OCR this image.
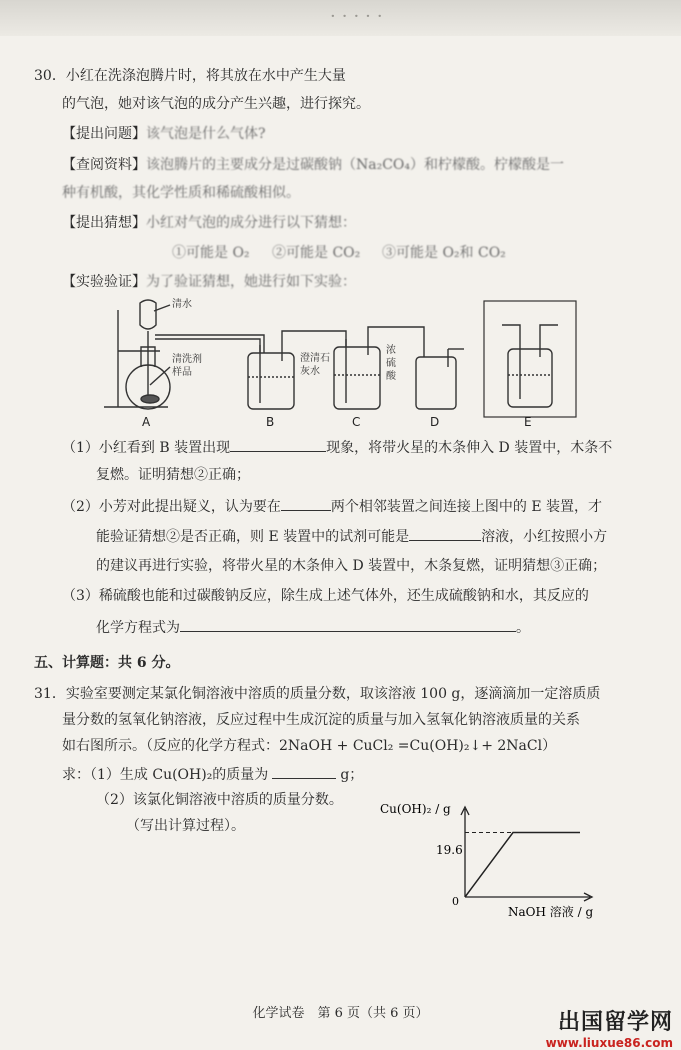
·····
30．小红在洗涤泡腾片时，将其放在水中产生大量
的气泡，她对该气泡的成分产生兴趣，进行探究。
【提出问题】该气泡是什么气体?
【查阅资料】该泡腾片的主要成分是过碳酸钠（Na₂CO₄）和柠檬酸。柠檬酸是一
种有机酸，其化学性质和稀硫酸相似。
【提出猜想】小红对气泡的成分进行以下猜想：
①可能是 O₂ ②可能是 CO₂ ③可能是 O₂和 CO₂
【实验验证】为了验证猜想，她进行如下实验：
清水
清洗剂
样品
澄清石
灰水
浓
硫
酸
A	B	C	D	E
（1）小红看到 B 装置出现	现象，将带火星的木条伸入 D 装置中，木条不
复燃。证明猜想②正确；
（2）小芳对此提出疑义，认为要在	两个相邻装置之间连接上图中的 E 装置，才
能验证猜想②是否正确，则 E 装置中的试剂可能是	溶液，小红按照小方
的建议再进行实验，将带火星的木条伸入 D 装置中，木条复燃，证明猜想③正确；
（3）稀硫酸也能和过碳酸钠反应，除生成上述气体外，还生成硫酸钠和水，其反应的
化学方程式为	。
五、计算题：共 6 分。
31．实验室要测定某氯化铜溶液中溶质的质量分数，取该溶液 100 g，逐滴滴加一定溶质质
量分数的氢氧化钠溶液，反应过程中生成沉淀的质量与加入氢氧化钠溶液质量的关系
如右图所示。（反应的化学方程式：2NaOH + CuCl₂ =Cu(OH)₂↓+ 2NaCl）
求：（1）生成 Cu(OH)₂的质量为	g；
（2）该氯化铜溶液中溶质的质量分数。
（写出计算过程）。
Cu(OH)₂ / g
19.6
0
NaOH 溶液 / g
化学试卷　第 6 页（共 6 页）	出国留学网
www.liuxue86.com
